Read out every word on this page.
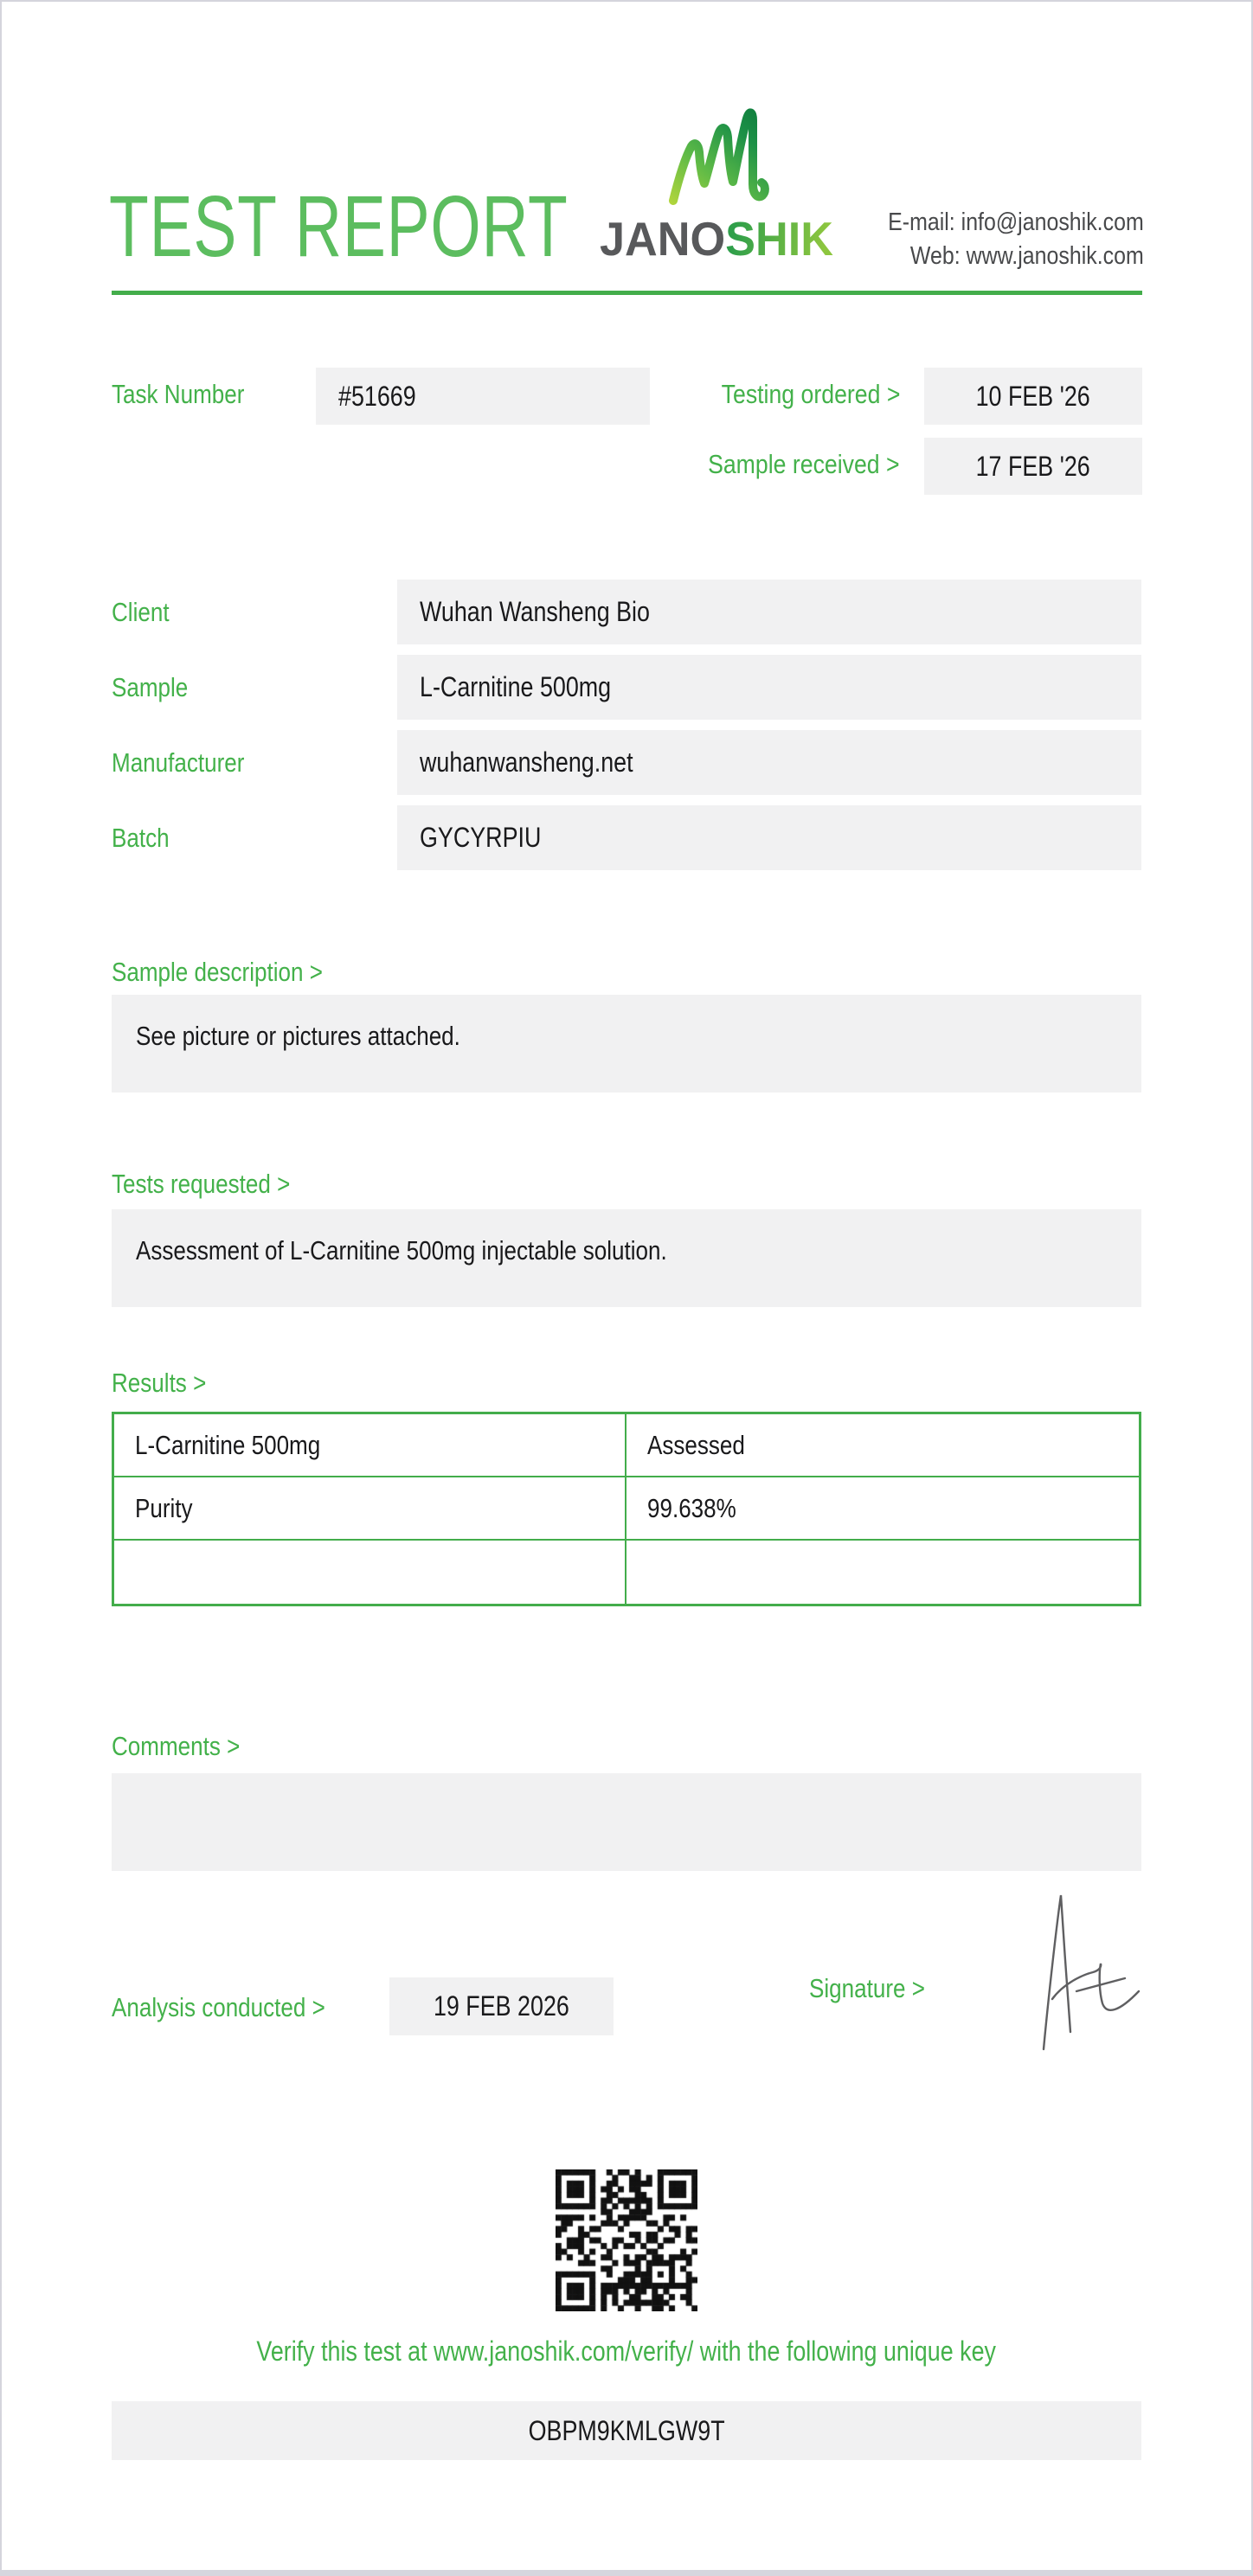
TEST REPORT JANOSHIK	E-mail: info@janoshik.com
Web: www.janoshik.com
Task Number	#51669	Testing ordered >	10 FEB '26
Sample received >	17 FEB '26
Client	Wuhan Wansheng Bio
Sample	L-Carnitine 500mg
Manufacturer	wuhanwansheng.net
Batch	GYCYRPIU
Sample description >
See picture or pictures attached.
Tests requested >
Assessment of L-Carnitine 500mg injectable solution.
Results >
L-Carnitine 500mg	Assessed
Purity	99.638%
Comments >
Signature >
Analysis conducted >	19 FEB 2026
Verify this test at www.janoshik.com/verify/ with the following unique key
OBPM9KMLGW9T
